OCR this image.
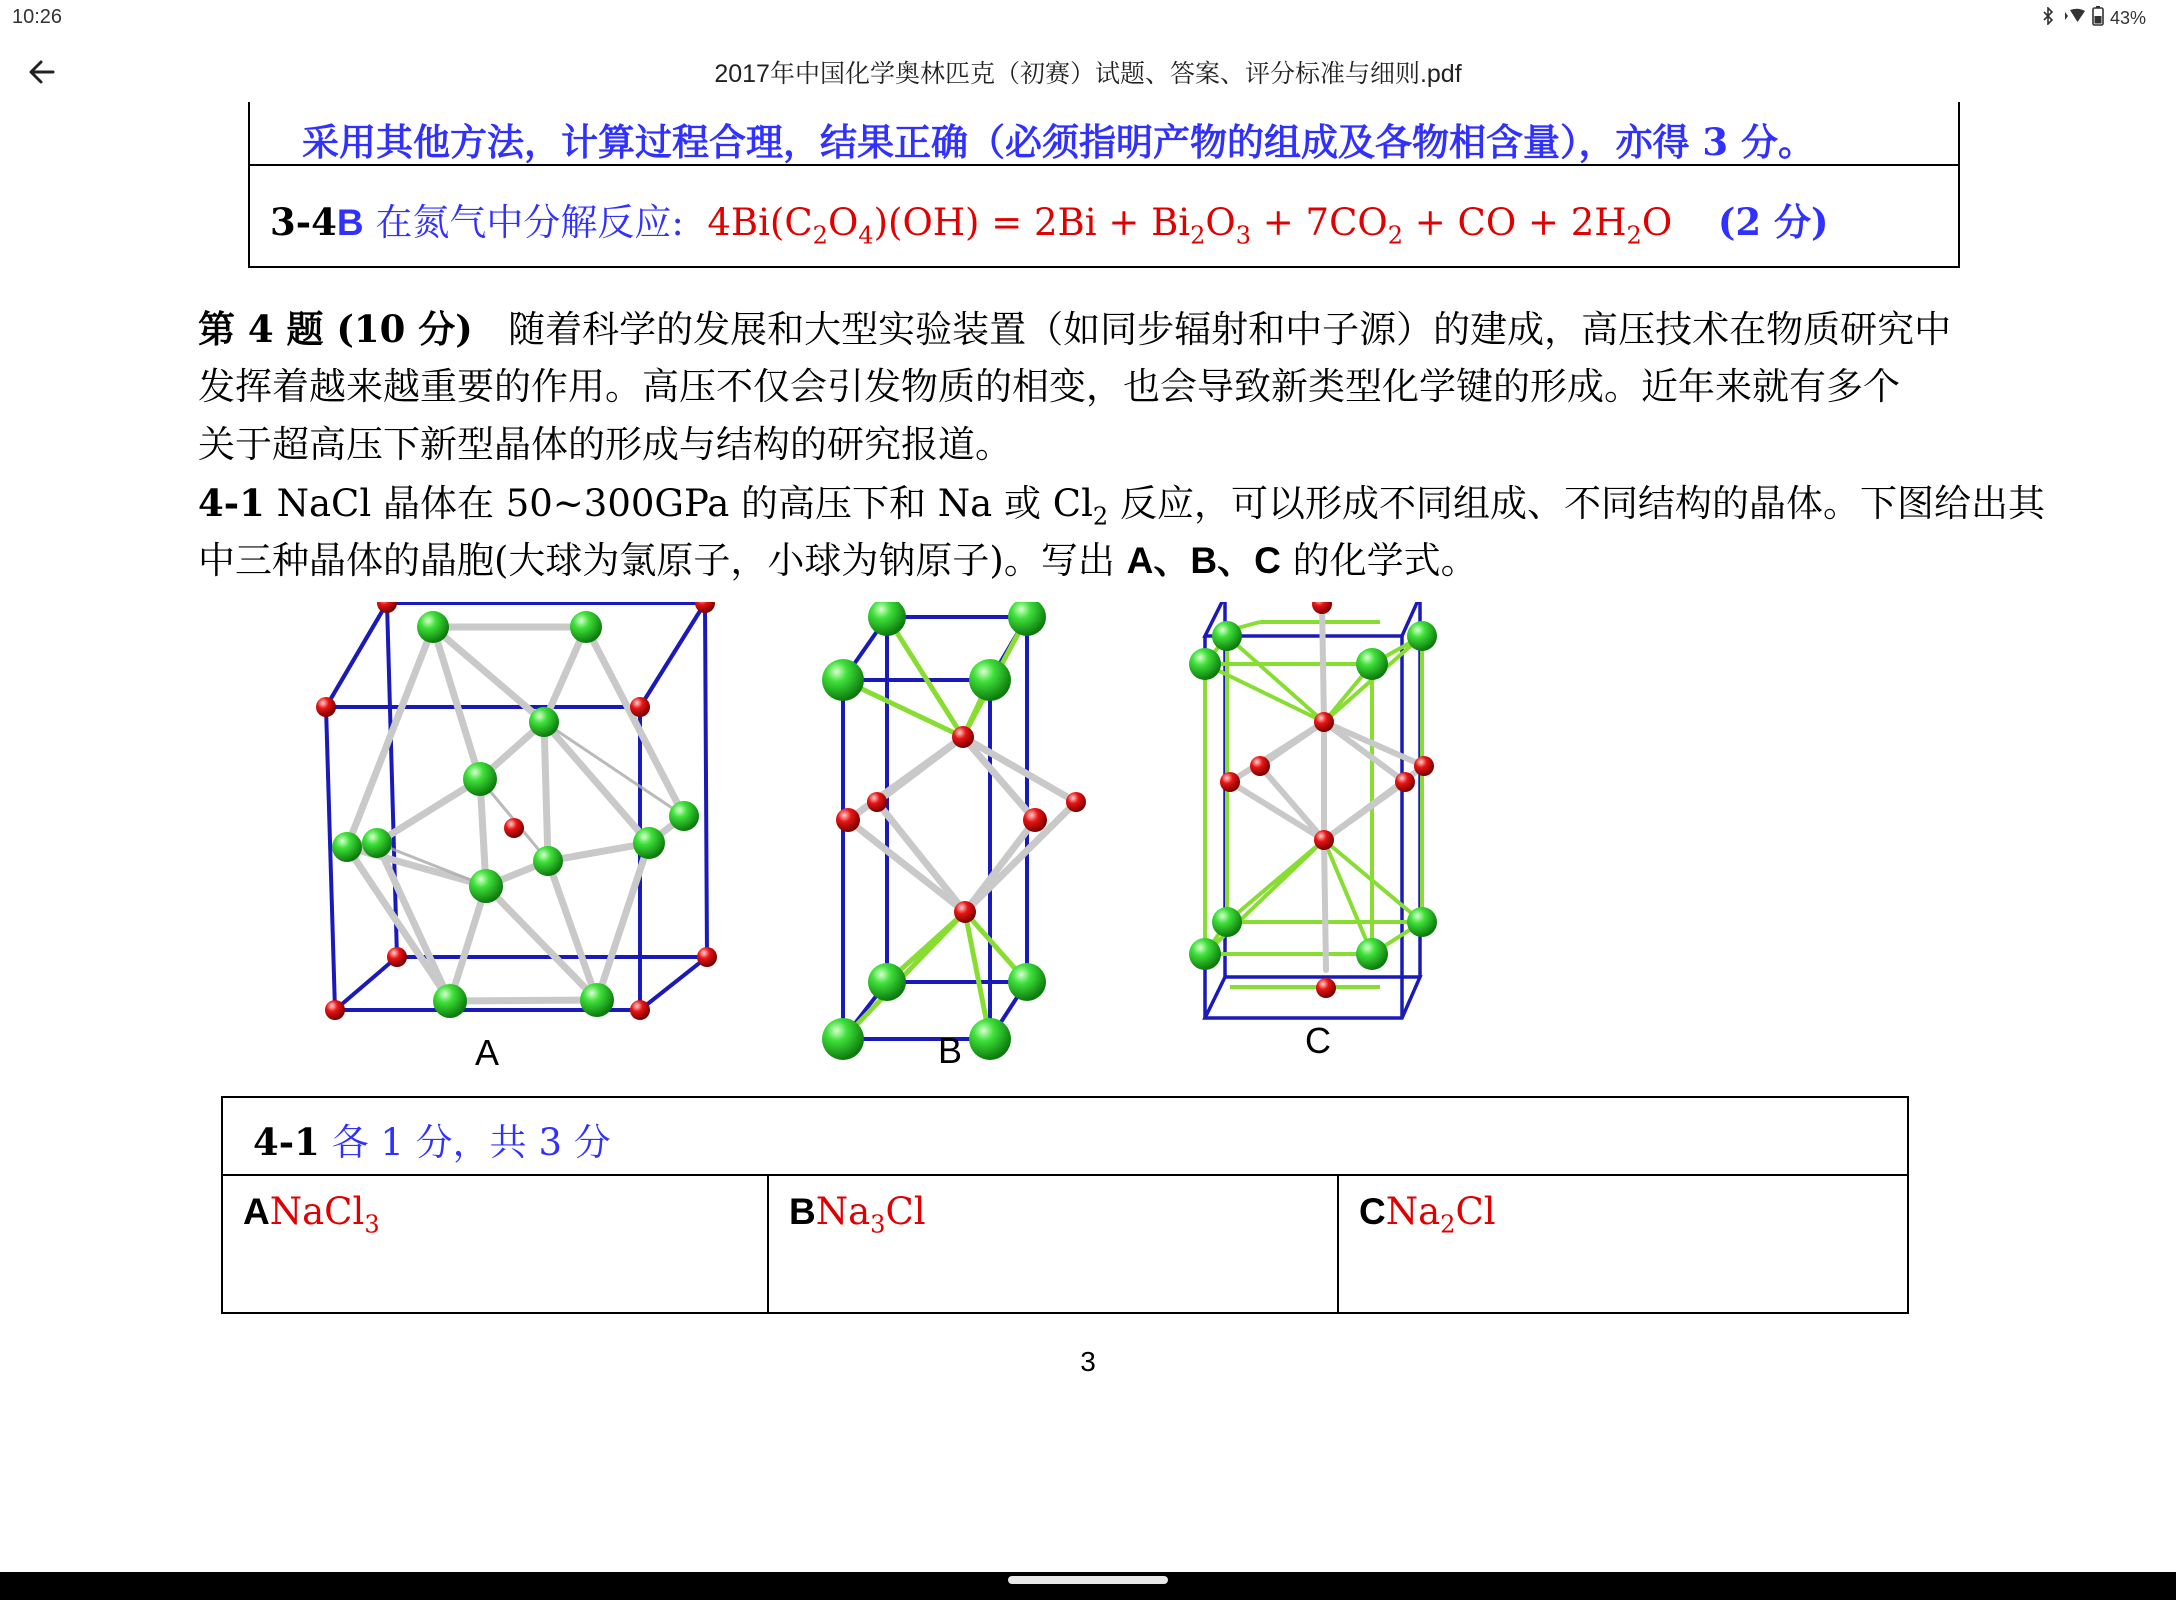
10:26	43%
2017年中国化学奥林匹克（初赛）试题、答案、评分标准与细则.pdf
采用其他方法，计算过程合理，结果正确（必须指明产物的组成及各物相含量），亦得 3 分。
3-4B 在氮气中分解反应:  $4Bi(C_2O_4)(OH) = 2Bi + Bi_2O_3 + 7CO_2$ + CO + $2H_2O$ (2 分)
第 4 题 (10 分) 随着科学的发展和大型实验装置（如同步辐射和中子源）的建成，高压技术在物质研究中
发挥着越来越重要的作用。高压不仅会引发物质的相变，也会导致新类型化学键的形成。近年来就有多个
关于超高压下新型晶体的形成与结构的研究报道。
4-1 NaCl 晶体在 50~300GPa 的高压下和 Na 或 $Cl_2$ 反应，可以形成不同组成、不同结构的晶体。下图给出其
中三种晶体的晶胞(大球为氯原子，小球为钠原子)。写出 A、B、C 的化学式。
A	B	C
4-1 各 1 分，共 3 分
ANaCl$_3$	BNa$_3$Cl	CNa$_2$Cl
3
